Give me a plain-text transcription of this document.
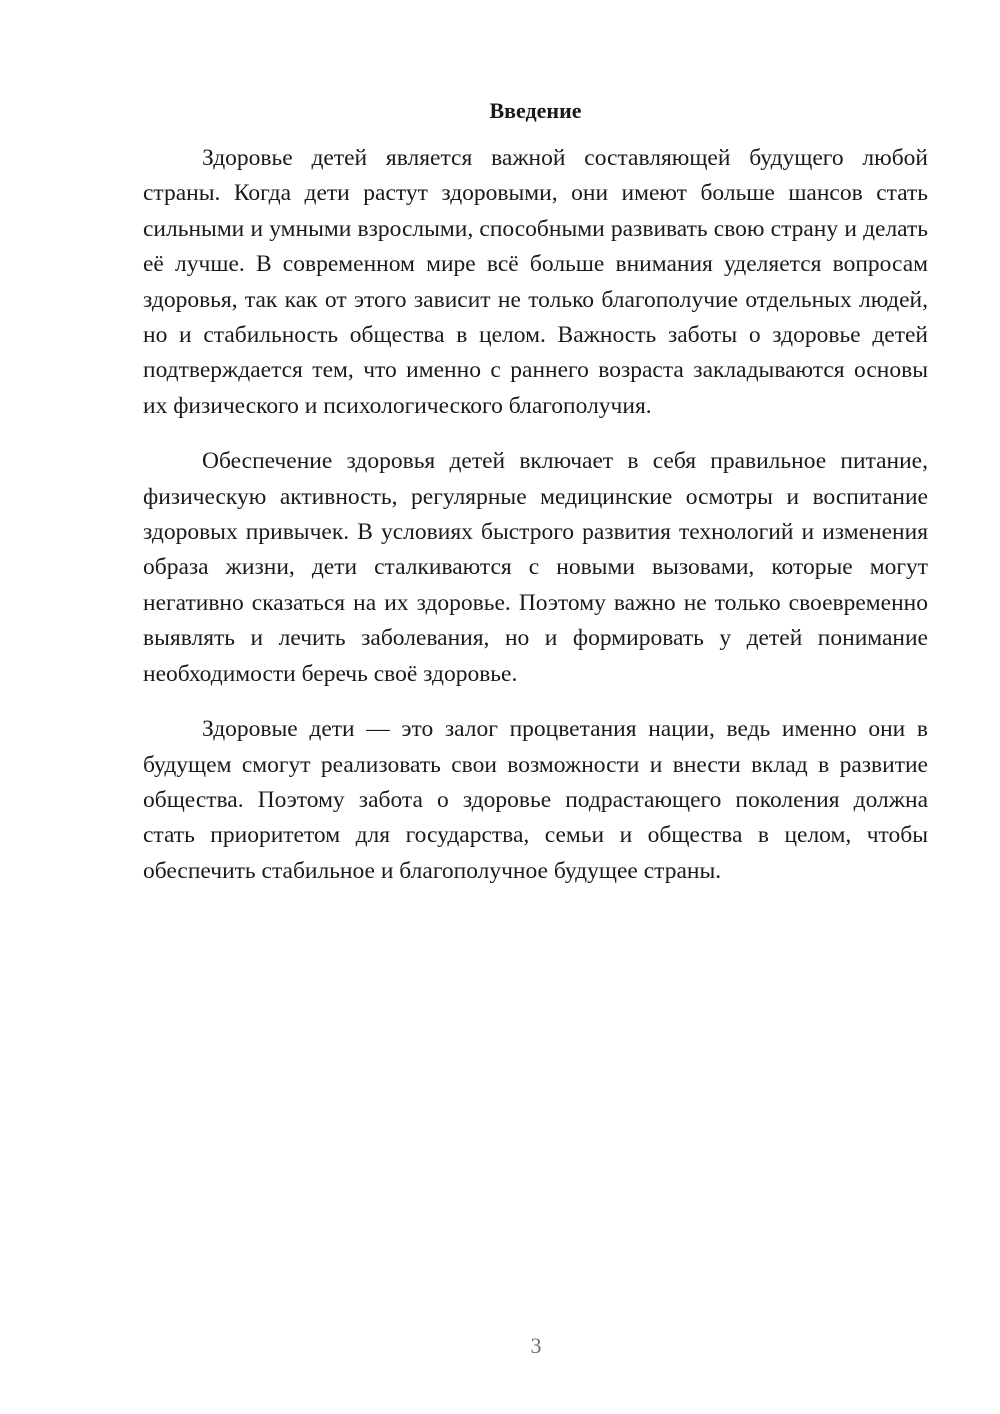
Введение

Здоровье детей является важной составляющей будущего любой страны. Когда дети растут здоровыми, они имеют больше шансов стать сильными и умными взрослыми, способными развивать свою страну и делать её лучше. В современном мире всё больше внимания уделяется вопросам здоровья, так как от этого зависит не только благополучие отдельных людей, но и стабильность общества в целом. Важность заботы о здоровье детей подтверждается тем, что именно с раннего возраста закладываются основы их физического и психологического благополучия.

Обеспечение здоровья детей включает в себя правильное питание, физическую активность, регулярные медицинские осмотры и воспитание здоровых привычек. В условиях быстрого развития технологий и изменения образа жизни, дети сталкиваются с новыми вызовами, которые могут негативно сказаться на их здоровье. Поэтому важно не только своевременно выявлять и лечить заболевания, но и формировать у детей понимание необходимости беречь своё здоровье.

Здоровые дети — это залог процветания нации, ведь именно они в будущем смогут реализовать свои возможности и внести вклад в развитие общества. Поэтому забота о здоровье подрастающего поколения должна стать приоритетом для государства, семьи и общества в целом, чтобы обеспечить стабильное и благополучное будущее страны.

3
